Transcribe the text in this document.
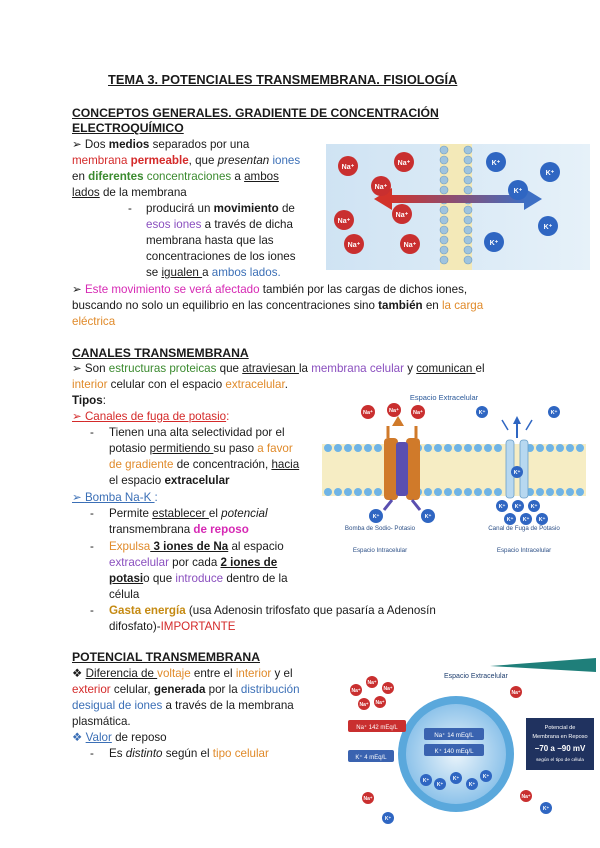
TEMA 3. POTENCIALES TRANSMEMBRANA. FISIOLOGÍA
CONCEPTOS GENERALES. GRADIENTE DE CONCENTRACIÓN
ELECTROQUÍMICO
➢ Dos medios separados por una
membrana permeable, que presentan iones
en diferentes concentraciones a ambos
lados de la membrana
- producirá un movimiento de
esos iones a través de dicha
membrana hasta que las
concentraciones de los iones
se igualen a ambos lados.
➢ Este movimiento se verá afectado también por las cargas de dichos iones,
buscando no solo un equilibrio en las concentraciones sino también en la carga
eléctrica
Na⁺
Na⁺
Na⁺
Na⁺
Na⁺
Na⁺	Na⁺
K⁺
K⁺
K⁺
K⁺
K⁺
CANALES TRANSMEMBRANA
➢ Son estructuras proteicas que atraviesan la membrana celular y comunican el
interior celular con el espacio extracelular.
Tipos:
➢ Canales de fuga de potasio:
- Tienen una alta selectividad por el
potasio permitiendo su paso a favor
de gradiente de concentración, hacia
el espacio extracelular
➢ Bomba Na-K :
- Permite establecer el potencial
transmembrana de reposo
- Expulsa 3 iones de Na al espacio
extracelular por cada 2 iones de
potasio que introduce dentro de la
célula
- Gasta energía (usa Adenosin trifosfato que pasaría a Adenosín
difosfato)-IMPORTANTE
Espacio Extracelular
Na⁺	Na⁺	Na⁺
K⁺	K⁺
K⁺	K⁺
K⁺
K⁺ K⁺ K⁺
K⁺ K⁺ K⁺
Bomba de Sodio- Potasio	Canal de Fuga de Potasio
Espacio Intracelular	Espacio Intracelular
POTENCIAL TRANSMEMBRANA
❖ Diferencia de voltaje entre el interior y el
exterior celular, generada por la distribución
desigual de iones a través de la membrana
plasmática.
❖ Valor de reposo
- Es distinto según el tipo celular
Espacio Extracelular
Na⁺ 14 mEq/L
K⁺ 140 mEq/L
Na⁺ 142 mEq/L
K⁺ 4 mEq/L
Potencial de
Membrana en Reposo
−70 a −90 mV
según el tipo de célula
Na⁺
Na⁺
Na⁺
Na⁺ Na⁺
Na⁺
Na⁺
Na⁺
K⁺
K⁺
K⁺
K⁺
K⁺
K⁺
K⁺
